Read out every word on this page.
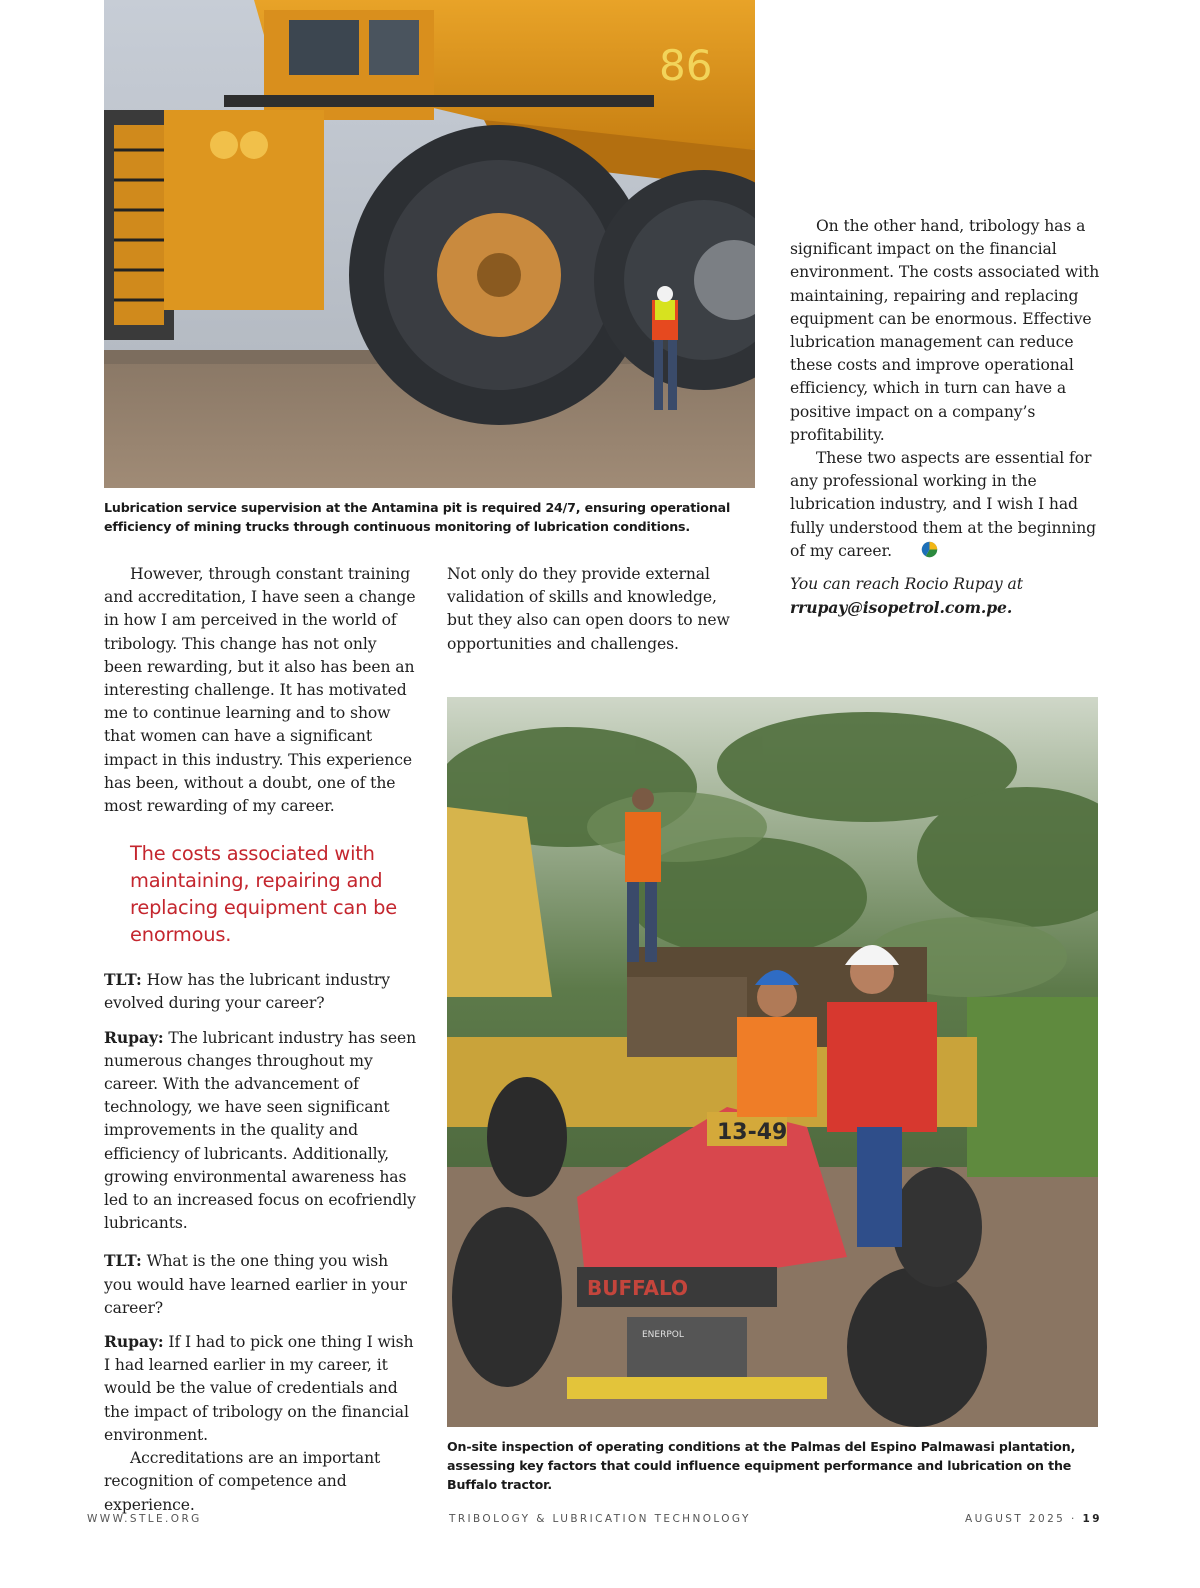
86
Lubrication service supervision at the Antamina pit is required 24/7, ensuring operational efficiency of mining trucks through continuous monitoring of lubrication conditions.

However, through constant training and accreditation, I have seen a change in how I am perceived in the world of tribology. This change has not only been rewarding, but it also has been an interesting challenge. It has motivated me to continue learning and to show that women can have a significant impact in this industry. This experience has been, without a doubt, one of the most rewarding of my career.

The costs associated with maintaining, repairing and replacing equipment can be enormous.

TLT: How has the lubricant industry evolved during your career?

Rupay: The lubricant industry has seen numerous changes throughout my career. With the advancement of technology, we have seen significant improvements in the quality and efficiency of lubricants. Additionally, growing environmental awareness has led to an increased focus on ecofriendly lubricants.

TLT: What is the one thing you wish you would have learned earlier in your career?

Rupay: If I had to pick one thing I wish I had learned earlier in my career, it would be the value of credentials and the impact of tribology on the financial environment.

Accreditations are an important recognition of competence and experience.

Not only do they provide external validation of skills and knowledge, but they also can open doors to new opportunities and challenges.

13-49
BUFFALO
ENERPOL
On-site inspection of operating conditions at the Palmas del Espino Palmawasi plantation, assessing key factors that could influence equipment performance and lubrication on the Buffalo tractor.

On the other hand, tribology has a significant impact on the financial environment. The costs associated with maintaining, repairing and replacing equipment can be enormous. Effective lubrication management can reduce these costs and improve operational efficiency, which in turn can have a positive impact on a company’s profitability.

These two aspects are essential for any professional working in the lubrication industry, and I wish I had fully understood them at the beginning of my career.

You can reach Rocio Rupay at rrupay@isopetrol.com.pe.

WWW.STLE.ORG	TRIBOLOGY & LUBRICATION TECHNOLOGY	AUGUST 2025 · 19
